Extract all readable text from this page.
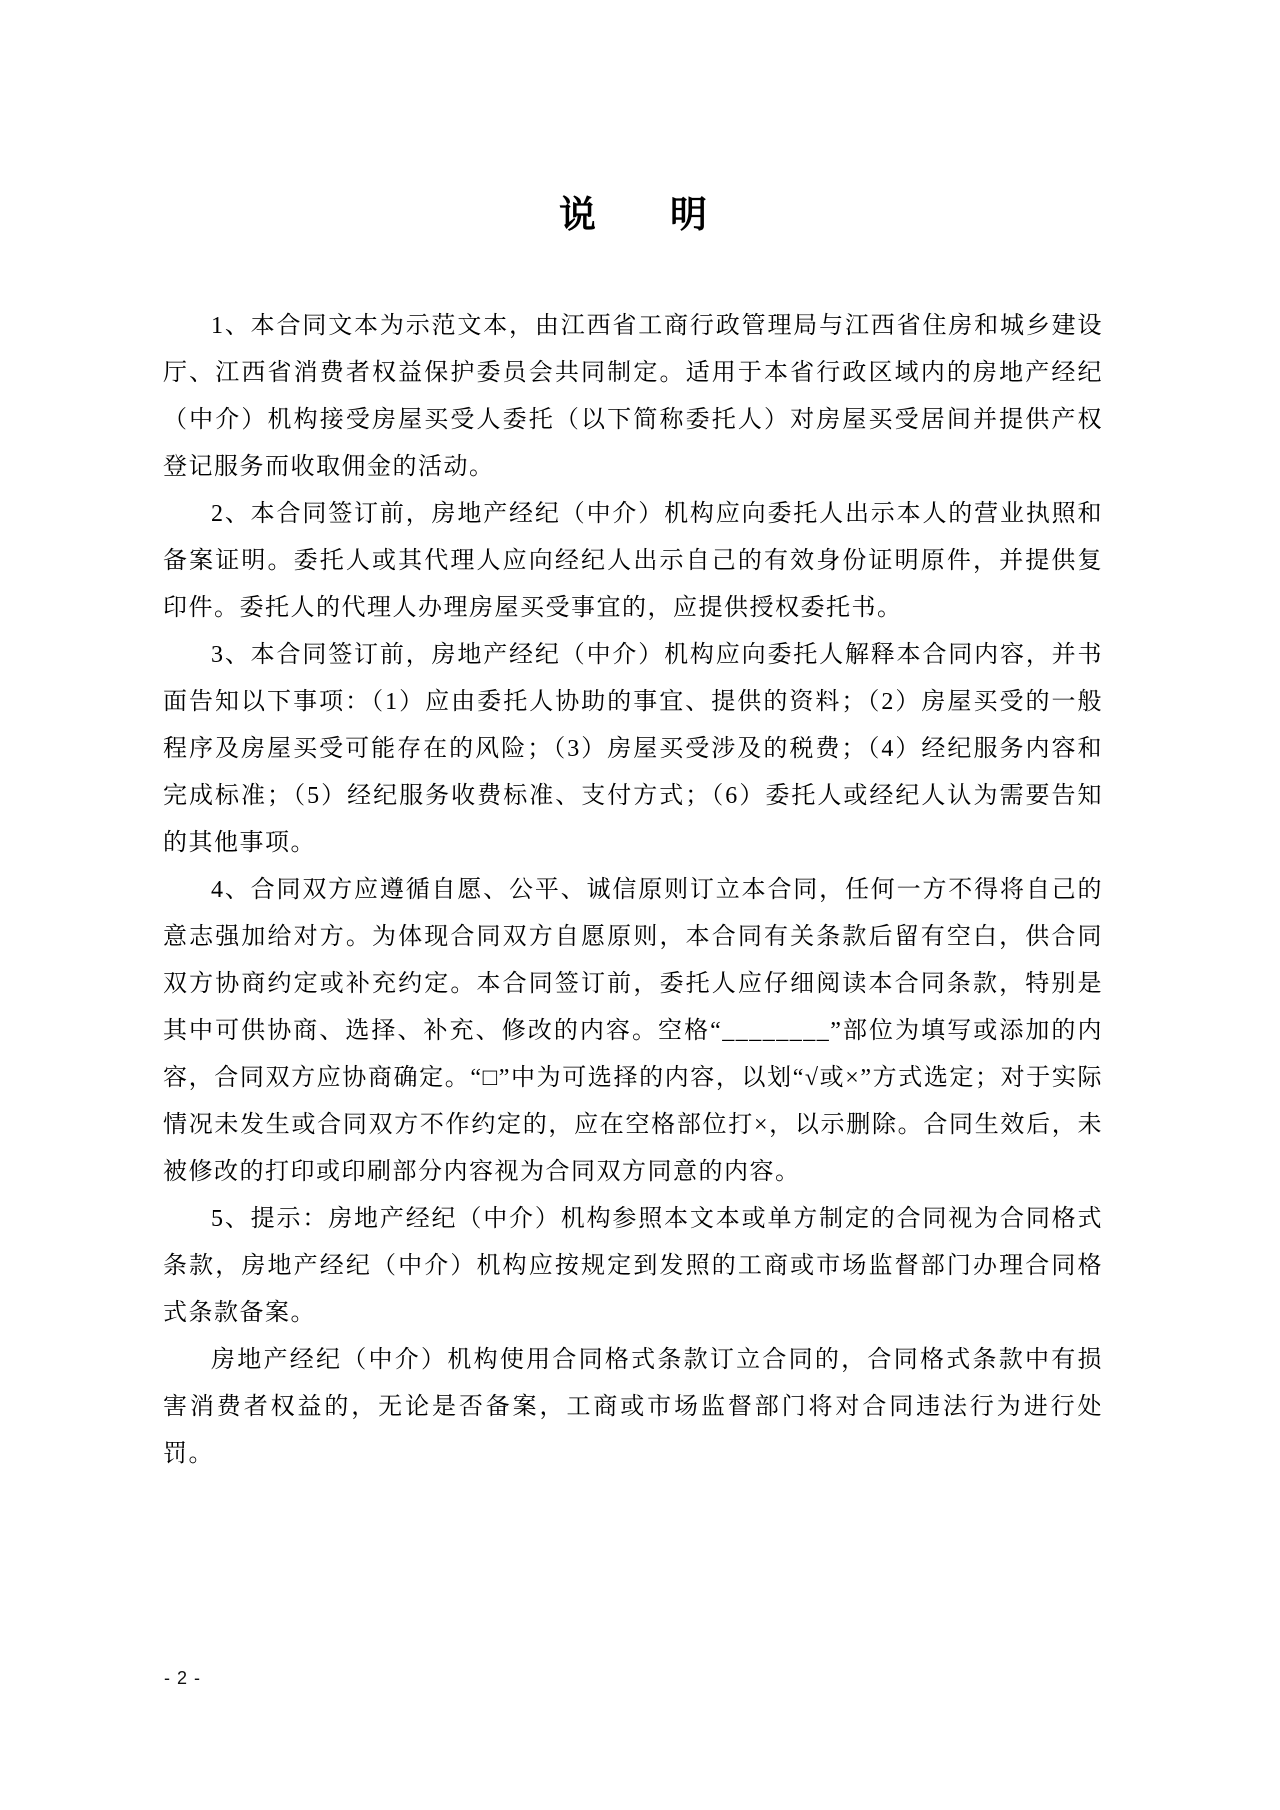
说　　明

1、本合同文本为示范文本，由江西省工商行政管理局与江西省住房和城乡建设厅、江西省消费者权益保护委员会共同制定。适用于本省行政区域内的房地产经纪（中介）机构接受房屋买受人委托（以下简称委托人）对房屋买受居间并提供产权登记服务而收取佣金的活动。

2、本合同签订前，房地产经纪（中介）机构应向委托人出示本人的营业执照和备案证明。委托人或其代理人应向经纪人出示自己的有效身份证明原件，并提供复印件。委托人的代理人办理房屋买受事宜的，应提供授权委托书。

3、本合同签订前，房地产经纪（中介）机构应向委托人解释本合同内容，并书面告知以下事项：（1）应由委托人协助的事宜、提供的资料；（2）房屋买受的一般程序及房屋买受可能存在的风险；（3）房屋买受涉及的税费；（4）经纪服务内容和完成标准；（5）经纪服务收费标准、支付方式；（6）委托人或经纪人认为需要告知的其他事项。

4、合同双方应遵循自愿、公平、诚信原则订立本合同，任何一方不得将自己的意志强加给对方。为体现合同双方自愿原则，本合同有关条款后留有空白，供合同双方协商约定或补充约定。本合同签订前，委托人应仔细阅读本合同条款，特别是其中可供协商、选择、补充、修改的内容。空格“________”部位为填写或添加的内容，合同双方应协商确定。“□”中为可选择的内容，以划“√或×”方式选定；对于实际情况未发生或合同双方不作约定的，应在空格部位打×，以示删除。合同生效后，未被修改的打印或印刷部分内容视为合同双方同意的内容。

5、提示：房地产经纪（中介）机构参照本文本或单方制定的合同视为合同格式条款，房地产经纪（中介）机构应按规定到发照的工商或市场监督部门办理合同格式条款备案。

房地产经纪（中介）机构使用合同格式条款订立合同的，合同格式条款中有损害消费者权益的，无论是否备案，工商或市场监督部门将对合同违法行为进行处罚。

- 2 -
